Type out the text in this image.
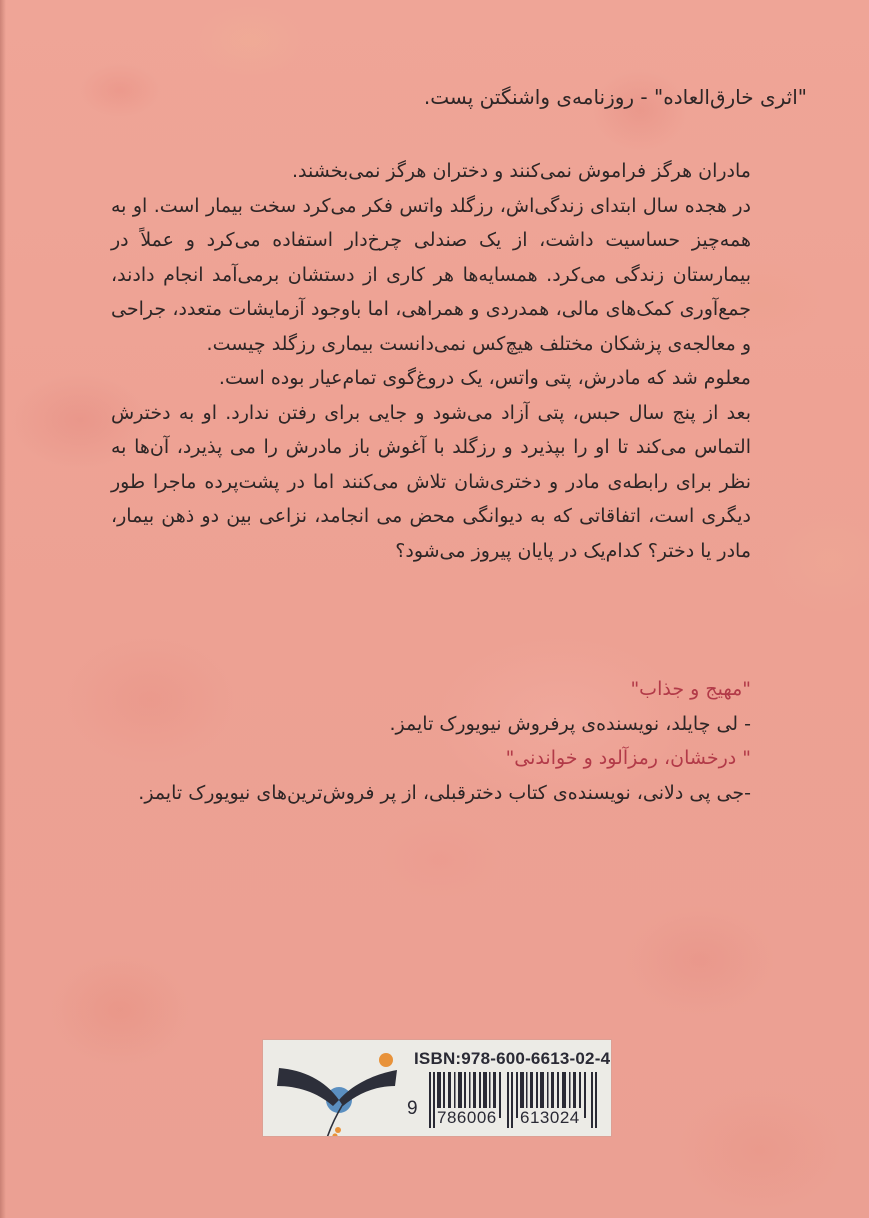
"اثری خارق‌العاده" - روزنامه‌ی واشنگتن پست.

مادران هرگز فراموش نمی‌کنند و دختران هرگز نمی‌بخشند.

در هجده سال ابتدای زندگی‌اش، رزگلد واتس فکر می‌کرد سخت بیمار است. او به همه‌چیز حساسیت داشت، از یک صندلی چرخ‌دار استفاده می‌کرد و عملاً در بیمارستان زندگی می‌کرد. همسایه‌ها هر کاری از دستشان برمی‌آمد انجام دادند، جمع‌آوری کمک‌های مالی، همدردی و همراهی، اما باوجود آزمایشات متعدد، جراحی و معالجه‌ی پزشکان مختلف هیچ‌کس نمی‌دانست بیماری رزگلد چیست.

معلوم شد که مادرش، پتی واتس، یک دروغ‌گوی تمام‌عیار بوده است.

بعد از پنج سال حبس، پتی آزاد می‌شود و جایی برای رفتن ندارد. او به دخترش التماس می‌کند تا او را بپذیرد و رزگلد با آغوش باز مادرش را می پذیرد، آن‌ها به نظر برای رابطه‌ی مادر و دختری‌شان تلاش می‌کنند اما در پشت‌پرده ماجرا طور دیگری است، اتفاقاتی که به دیوانگی محض می انجامد، نزاعی بین دو ذهن بیمار، مادر یا دختر؟ کدام‌یک در پایان پیروز می‌شود؟

"مهیج و جذاب"

- لی چایلد، نویسنده‌ی پرفروش نیویورک تایمز.

" درخشان، رمزآلود و خواندنی"

-جی پی دلانی، نویسنده‌ی کتاب دخترقبلی، از پر فروش‌ترین‌های نیویورک تایمز.

ISBN:978-600-6613-02-4
9 786006 613024
